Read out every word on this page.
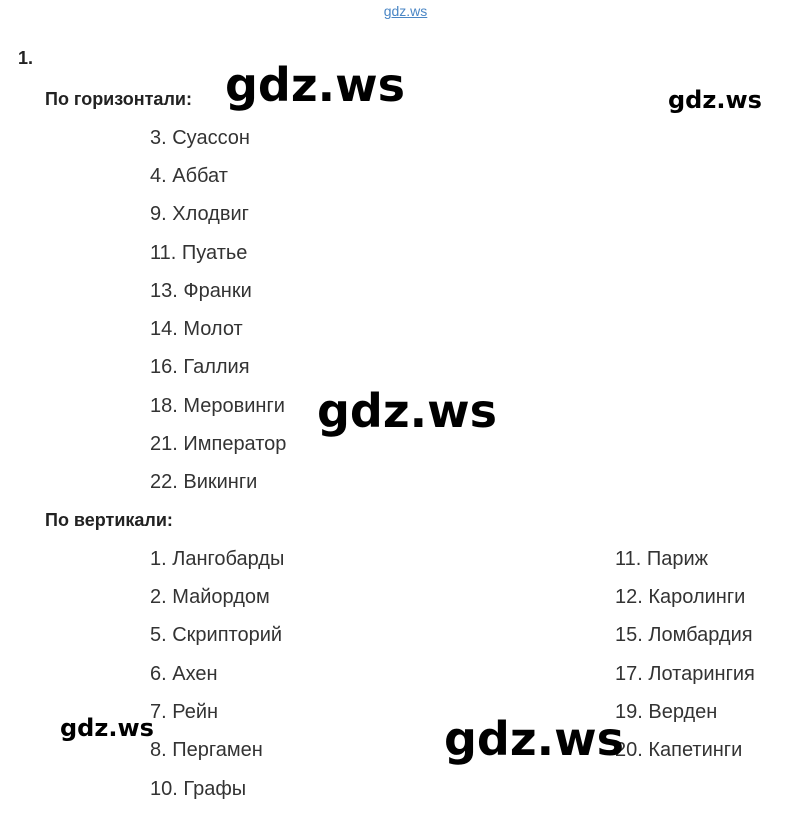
gdz.ws
1.
По горизонтали:
3. Суассон
4. Аббат
9. Хлодвиг
11. Пуатье
13. Франки
14. Молот
16. Галлия
18. Меровинги
21. Император
22. Викинги
По вертикали:
1. Лангобарды
2. Майордом
5. Скрипторий
6. Ахен
7. Рейн
8. Пергамен
10. Графы
11. Париж
12. Каролинги
15. Ломбардия
17. Лотарингия
19. Верден
20. Капетинги
gdz.ws	gdz.ws
gdz.ws
gdz.ws	gdz.ws
